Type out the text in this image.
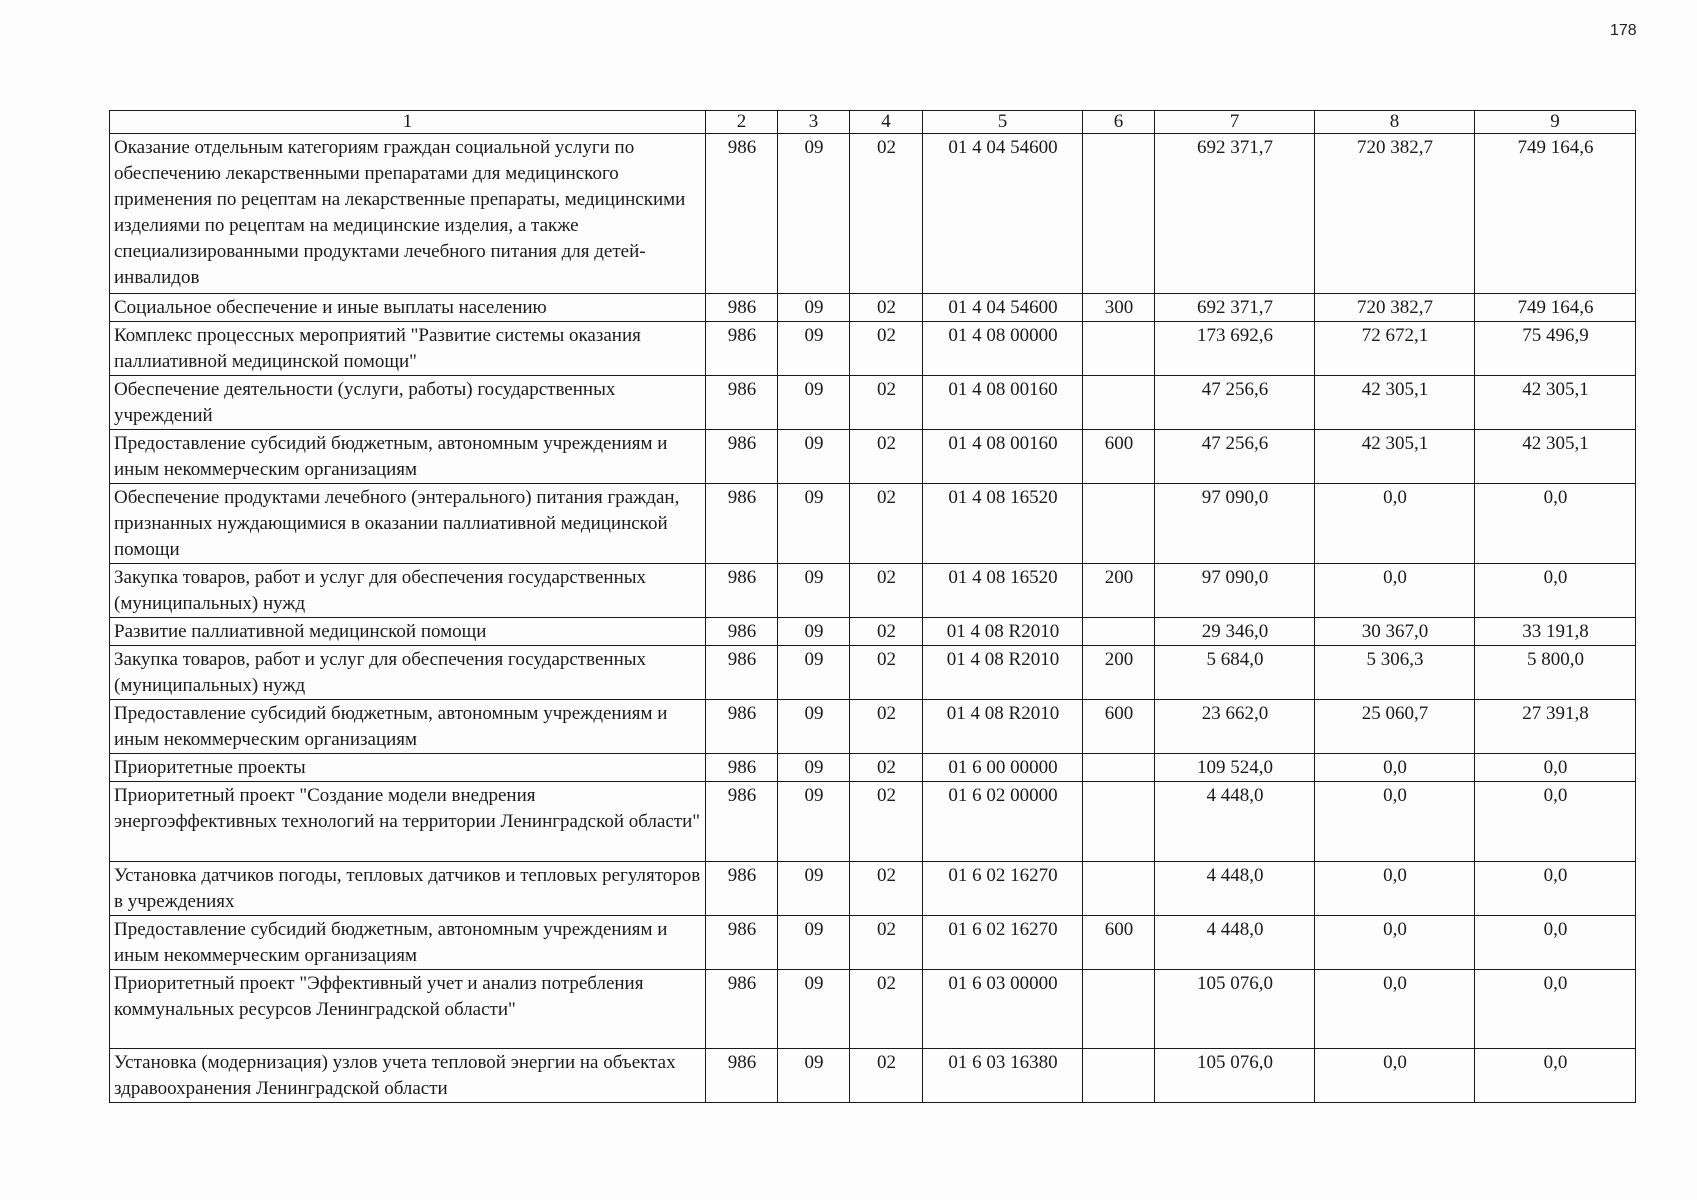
178
1	2	3	4	5	6	7	8	9
Оказание отдельным категориям граждан социальной услуги по обеспечению лекарственными препаратами для медицинского применения по рецептам на лекарственные препараты, медицинскими изделиями по рецептам на медицинские изделия, а также специализированными продуктами лечебного питания для детей-инвалидов	986	09	02	01 4 04 54600		692 371,7	720 382,7	749 164,6
Социальное обеспечение и иные выплаты населению	986	09	02	01 4 04 54600	300	692 371,7	720 382,7	749 164,6
Комплекс процессных мероприятий "Развитие системы оказания паллиативной медицинской помощи"	986	09	02	01 4 08 00000		173 692,6	72 672,1	75 496,9
Обеспечение деятельности (услуги, работы) государственных учреждений	986	09	02	01 4 08 00160		47 256,6	42 305,1	42 305,1
Предоставление субсидий бюджетным, автономным учреждениям и иным некоммерческим организациям	986	09	02	01 4 08 00160	600	47 256,6	42 305,1	42 305,1
Обеспечение продуктами лечебного (энтерального) питания граждан, признанных нуждающимися в оказании паллиативной медицинской помощи	986	09	02	01 4 08 16520		97 090,0	0,0	0,0
Закупка товаров, работ и услуг для обеспечения государственных (муниципальных) нужд	986	09	02	01 4 08 16520	200	97 090,0	0,0	0,0
Развитие паллиативной медицинской помощи	986	09	02	01 4 08 R2010		29 346,0	30 367,0	33 191,8
Закупка товаров, работ и услуг для обеспечения государственных (муниципальных) нужд	986	09	02	01 4 08 R2010	200	5 684,0	5 306,3	5 800,0
Предоставление субсидий бюджетным, автономным учреждениям и иным некоммерческим организациям	986	09	02	01 4 08 R2010	600	23 662,0	25 060,7	27 391,8
Приоритетные проекты	986	09	02	01 6 00 00000		109 524,0	0,0	0,0
Приоритетный проект "Создание модели внедрения энергоэффективных технологий на территории Ленинградской области"	986	09	02	01 6 02 00000		4 448,0	0,0	0,0
Установка датчиков погоды, тепловых датчиков и тепловых регуляторов в учреждениях	986	09	02	01 6 02 16270		4 448,0	0,0	0,0
Предоставление субсидий бюджетным, автономным учреждениям и иным некоммерческим организациям	986	09	02	01 6 02 16270	600	4 448,0	0,0	0,0
Приоритетный проект "Эффективный учет и анализ потребления коммунальных ресурсов Ленинградской области"	986	09	02	01 6 03 00000		105 076,0	0,0	0,0
Установка (модернизация) узлов учета тепловой энергии на объектах здравоохранения Ленинградской области	986	09	02	01 6 03 16380		105 076,0	0,0	0,0
